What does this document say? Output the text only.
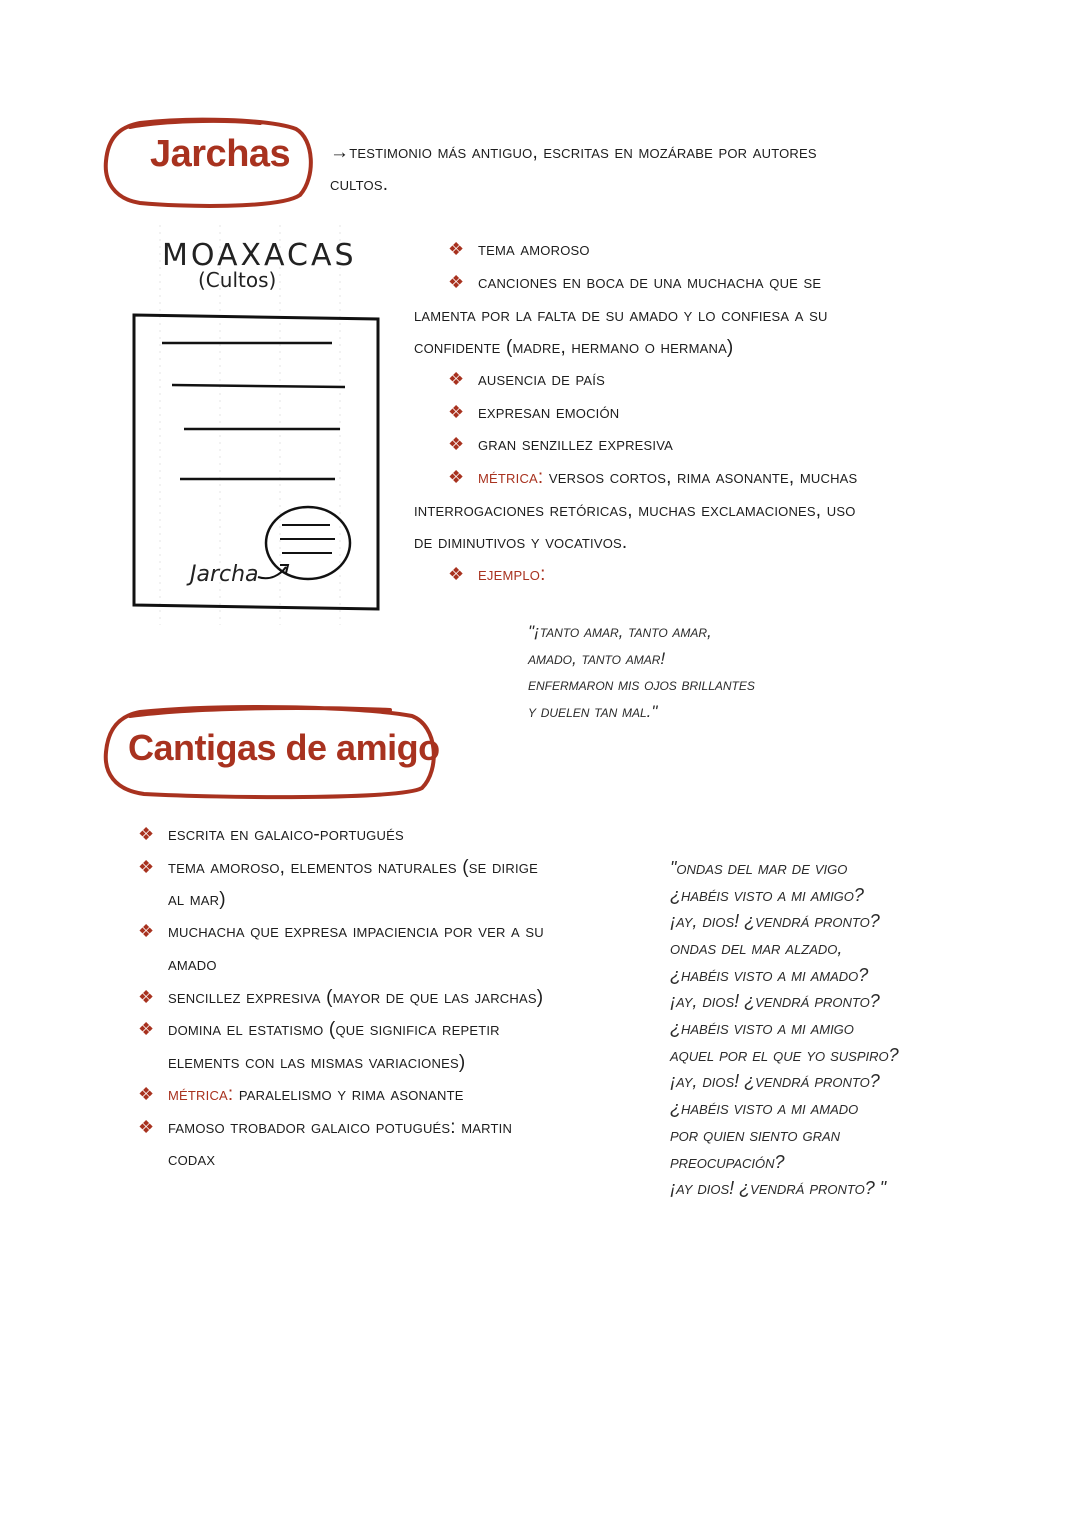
Jarchas →testimonio más antiguo, escritas en mozárabe por autores
cultos.
MOAXACAS
(Cultos)
Jarcha
❖ tema amoroso
❖ canciones en boca de una muchacha que se
lamenta por la falta de su amado y lo confiesa a su
confidente (madre, hermano o hermana)
❖ ausencia de país
❖ expresan emoción
❖ gran senzillez expresiva
❖ métrica: versos cortos, rima asonante, muchas
interrogaciones retóricas, muchas exclamaciones, uso
de diminutivos y vocativos.
❖ ejemplo:
"¡tanto amar, tanto amar,
amado, tanto amar!
enfermaron mis ojos brillantes
y duelen tan mal."
Cantigas de amigo
❖ escrita en galaico-portugués
❖ tema amoroso, elementos naturales (se dirige
al mar)
❖ muchacha que expresa impaciencia por ver a su
amado
❖ sencillez expresiva (mayor de que las jarchas)
❖ domina el estatismo (que significa repetir
elements con las mismas variaciones)
❖ métrica: paralelismo y rima asonante
❖ famoso trobador galaico potugués: martin
codax
"ondas del mar de vigo
¿habéis visto a mi amigo?
¡ay, dios! ¿vendrá pronto?
ondas del mar alzado,
¿habéis visto a mi amado?
¡ay, dios! ¿vendrá pronto?
¿habéis visto a mi amigo
aquel por el que yo suspiro?
¡ay, dios! ¿vendrá pronto?
¿habéis visto a mi amado
por quien siento gran
preocupación?
¡ay dios! ¿vendrá pronto? "
